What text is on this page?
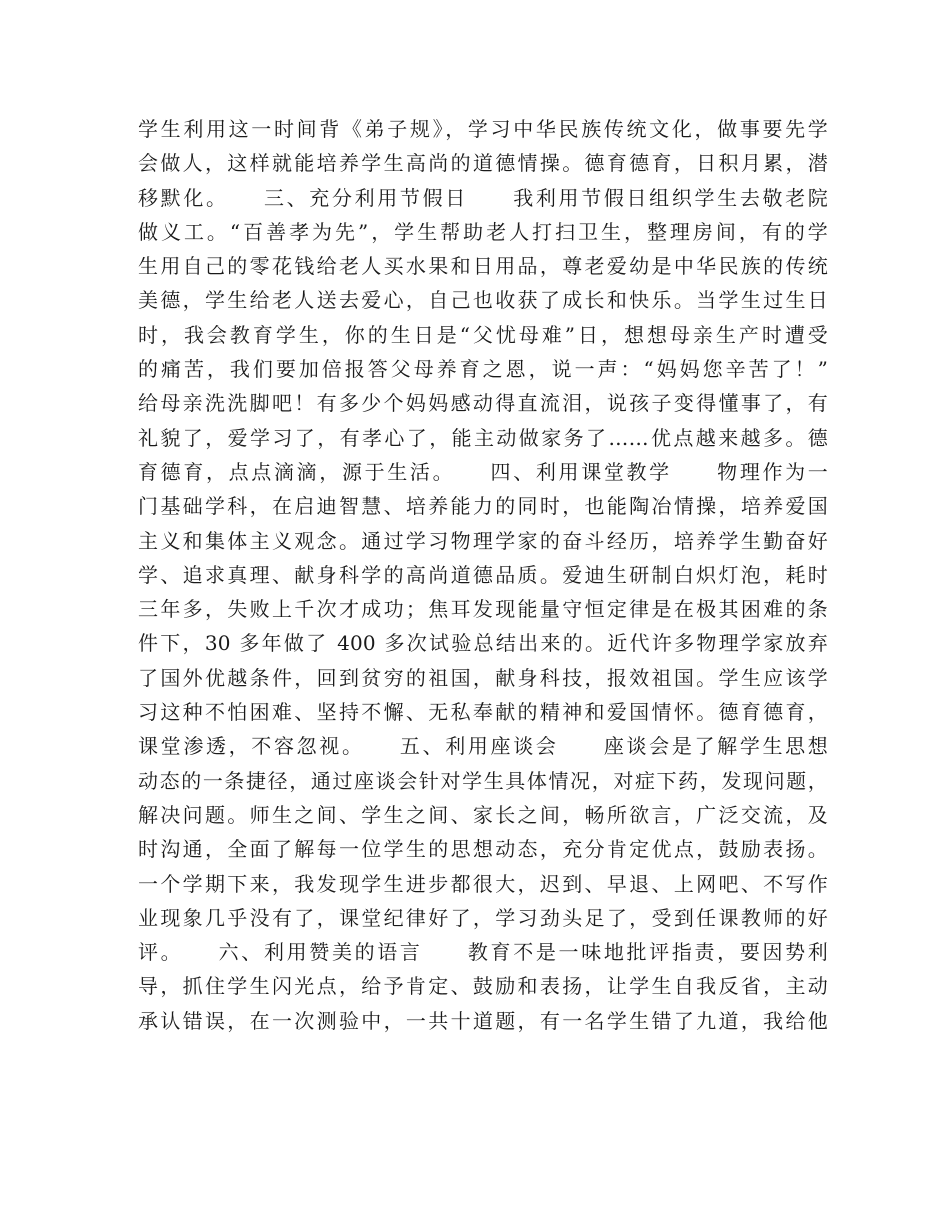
学生利用这一时间背《弟子规》，学习中华民族传统文化，做事要先学
会做人，这样就能培养学生高尚的道德情操。德育德育，日积月累，潜
移默化。　　三、充分利用节假日　　我利用节假日组织学生去敬老院
做义工。“百善孝为先”，学生帮助老人打扫卫生，整理房间，有的学
生用自己的零花钱给老人买水果和日用品，尊老爱幼是中华民族的传统
美德，学生给老人送去爱心，自己也收获了成长和快乐。当学生过生日
时，我会教育学生，你的生日是“父忧母难”日，想想母亲生产时遭受
的痛苦，我们要加倍报答父母养育之恩，说一声：“妈妈您辛苦了！”
给母亲洗洗脚吧！有多少个妈妈感动得直流泪，说孩子变得懂事了，有
礼貌了，爱学习了，有孝心了，能主动做家务了……优点越来越多。德
育德育，点点滴滴，源于生活。　　四、利用课堂教学　　物理作为一
门基础学科，在启迪智慧、培养能力的同时，也能陶冶情操，培养爱国
主义和集体主义观念。通过学习物理学家的奋斗经历，培养学生勤奋好
学、追求真理、献身科学的高尚道德品质。爱迪生研制白炽灯泡，耗时
三年多，失败上千次才成功；焦耳发现能量守恒定律是在极其困难的条
件下，30 多年做了 400 多次试验总结出来的。近代许多物理学家放弃
了国外优越条件，回到贫穷的祖国，献身科技，报效祖国。学生应该学
习这种不怕困难、坚持不懈、无私奉献的精神和爱国情怀。德育德育，
课堂渗透，不容忽视。　　五、利用座谈会　　座谈会是了解学生思想
动态的一条捷径，通过座谈会针对学生具体情况，对症下药，发现问题，
解决问题。师生之间、学生之间、家长之间，畅所欲言，广泛交流，及
时沟通，全面了解每一位学生的思想动态，充分肯定优点，鼓励表扬。
一个学期下来，我发现学生进步都很大，迟到、早退、上网吧、不写作
业现象几乎没有了，课堂纪律好了，学习劲头足了，受到任课教师的好
评。　　六、利用赞美的语言　　教育不是一味地批评指责，要因势利
导，抓住学生闪光点，给予肯定、鼓励和表扬，让学生自我反省，主动
承认错误，在一次测验中，一共十道题，有一名学生错了九道，我给他
